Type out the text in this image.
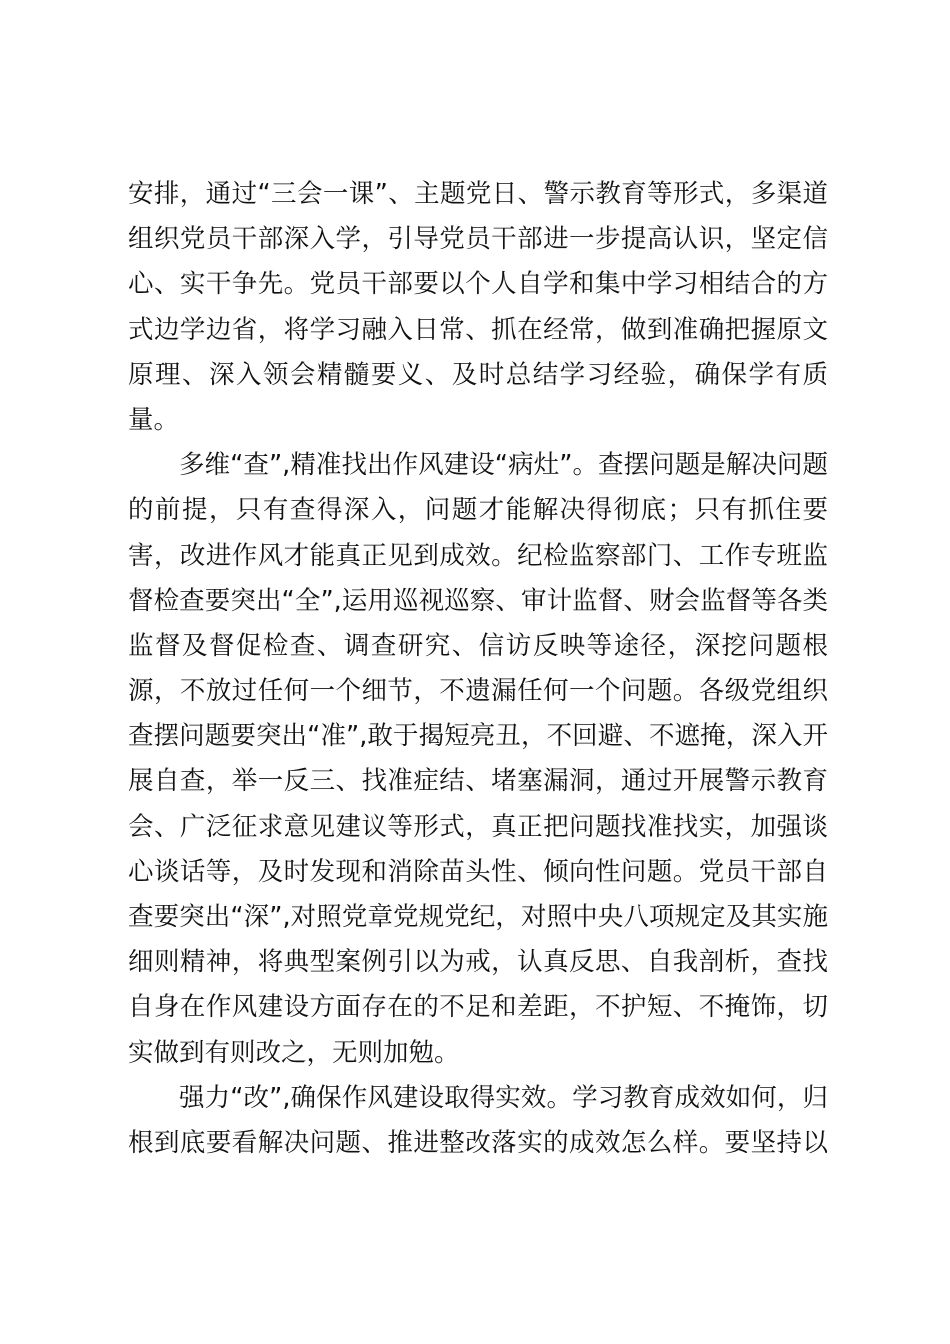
安排，通过“三会一课”、主题党日、警示教育等形式，多渠道
组织党员干部深入学，引导党员干部进一步提高认识，坚定信
心、实干争先。党员干部要以个人自学和集中学习相结合的方
式边学边省，将学习融入日常、抓在经常，做到准确把握原文
原理、深入领会精髓要义、及时总结学习经验，确保学有质
量。
多维“查”,精准找出作风建设“病灶”。查摆问题是解决问题
的前提，只有查得深入，问题才能解决得彻底；只有抓住要
害，改进作风才能真正见到成效。纪检监察部门、工作专班监
督检查要突出“全”,运用巡视巡察、审计监督、财会监督等各类
监督及督促检查、调查研究、信访反映等途径，深挖问题根
源，不放过任何一个细节，不遗漏任何一个问题。各级党组织
查摆问题要突出“准”,敢于揭短亮丑，不回避、不遮掩，深入开
展自查，举一反三、找准症结、堵塞漏洞，通过开展警示教育
会、广泛征求意见建议等形式，真正把问题找准找实，加强谈
心谈话等，及时发现和消除苗头性、倾向性问题。党员干部自
查要突出“深”,对照党章党规党纪，对照中央八项规定及其实施
细则精神，将典型案例引以为戒，认真反思、自我剖析，查找
自身在作风建设方面存在的不足和差距，不护短、不掩饰，切
实做到有则改之，无则加勉。
强力“改”,确保作风建设取得实效。学习教育成效如何，归
根到底要看解决问题、推进整改落实的成效怎么样。要坚持以
